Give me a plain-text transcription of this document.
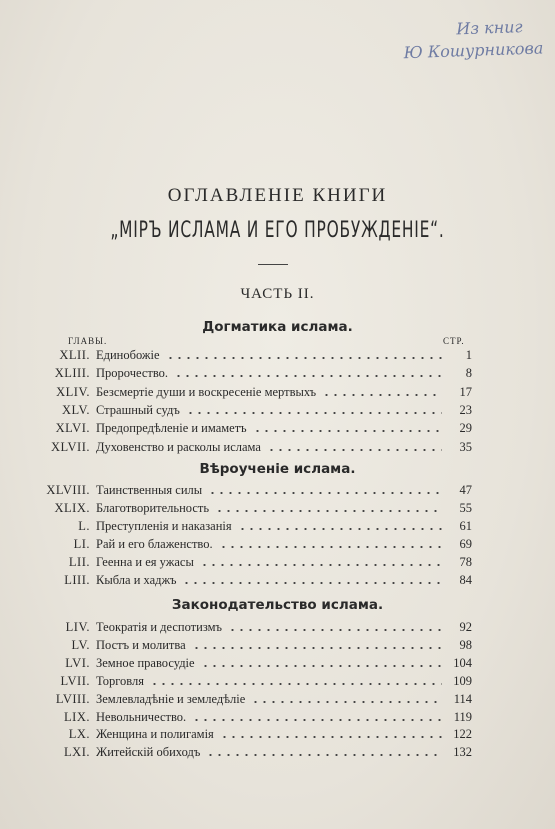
Из книг
Ю Кошурникова
ОГЛАВЛЕНІЕ КНИГИ
„МІРЪ ИСЛАМА И ЕГО ПРОБУЖДЕНІЕ“.
ЧАСТЬ II.
Догматика ислама.
ГЛАВЫ.	СТР.
XLII. Единобожіе	1
XLIII. Пророчество.	8
XLIV. Безсмертіе души и воскресеніе мертвыхъ	17
XLV. Страшный судъ	23
XLVI. Предопредѣленіе и имаметъ	29
XLVII. Духовенство и расколы ислама	35
Вѣроученіе ислама.
XLVIII. Таинственныя силы	47
XLIX. Благотворительность	55
L. Преступленія и наказанія	61
LI. Рай и его блаженство.	69
LII. Геенна и ея ужасы	78
LIII. Кыбла и хаджъ	84
Законодательство ислама.
LIV. Теократія и деспотизмъ	92
LV. Постъ и молитва	98
LVI. Земное правосудіе	104
LVII. Торговля	109
LVIII. Землевладѣніе и земледѣліе	114
LIX. Невольничество.	119
LX. Женщина и полигамія	122
LXI. Житейскій обиходъ	132
